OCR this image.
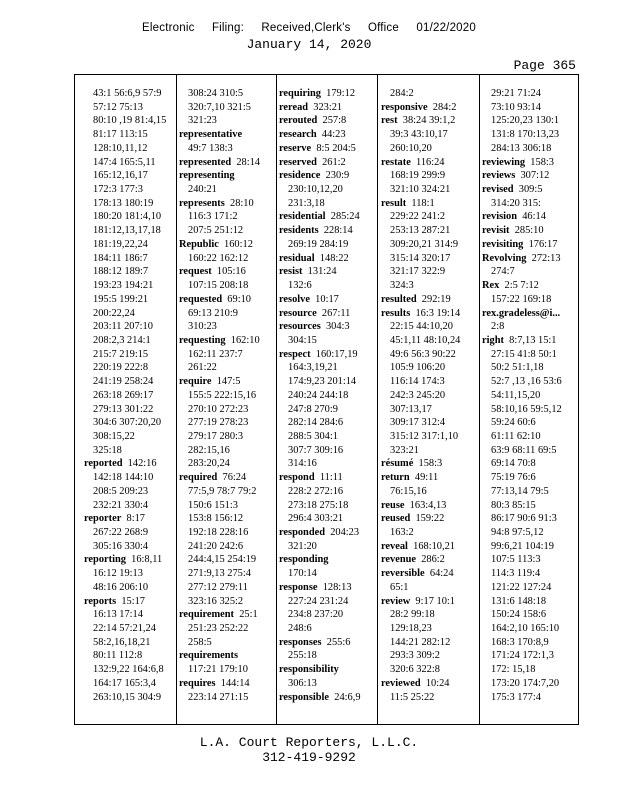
Electronic Filing: Received,Clerk's Office 01/22/2020
January 14, 2020
Page 365
43:1 56:6,9 57:9
57:12 75:13
80:10 ,19 81:4,15
81:17 113:15
128:10,11,12
147:4 165:5,11
165:12,16,17
172:3 177:3
178:13 180:19
180:20 181:4,10
181:12,13,17,18
181:19,22,24
184:11 186:7
188:12 189:7
193:23 194:21
195:5 199:21
200:22,24
203:11 207:10
208:2,3 214:1
215:7 219:15
220:19 222:8
241:19 258:24
263:18 269:17
279:13 301:22
304:6 307:20,20
308:15,22
325:18
reported  142:16
142:18 144:10
208:5 209:23
232:21 330:4
reporter  8:17
267:22 268:9
305:16 330:4
reporting  16:8,11
16:12 19:13
48:16 206:10
reports  15:17
16:13 17:14
22:14 57:21,24
58:2,16,18,21
80:11 112:8
132:9,22 164:6,8
164:17 165:3,4
263:10,15 304:9
308:24 310:5
320:7,10 321:5
321:23
representative
49:7 138:3
represented  28:14
representing
240:21
represents  28:10
116:3 171:2
207:5 251:12
Republic  160:12
160:22 162:12
request  105:16
107:15 208:18
requested  69:10
69:13 210:9
310:23
requesting  162:10
162:11 237:7
261:22
require  147:5
155:5 222:15,16
270:10 272:23
277:19 278:23
279:17 280:3
282:15,16
283:20,24
required  76:24
77:5,9 78:7 79:2
150:6 151:3
153:8 156:12
192:18 228:16
241:20 242:6
244:4,15 254:19
271:9,13 275:4
277:12 279:11
323:16 325:2
requirement  25:1
251:23 252:22
258:5
requirements
117:21 179:10
requires  144:14
223:14 271:15
requiring  179:12
reread  323:21
rerouted  257:8
research  44:23
reserve  8:5 204:5
reserved  261:2
residence  230:9
230:10,12,20
231:3,18
residential  285:24
residents  228:14
269:19 284:19
residual  148:22
resist  131:24
132:6
resolve  10:17
resource  267:11
resources  304:3
304:15
respect  160:17,19
164:3,19,21
174:9,23 201:14
240:24 244:18
247:8 270:9
282:14 284:6
288:5 304:1
307:7 309:16
314:16
respond  11:11
228:2 272:16
273:18 275:18
296:4 303:21
responded  204:23
321:20
responding
170:14
response  128:13
227:24 231:24
234:8 237:20
248:6
responses  255:6
255:18
responsibility
306:13
responsible  24:6,9
284:2
responsive  284:2
rest  38:24 39:1,2
39:3 43:10,17
260:10,20
restate  116:24
168:19 299:9
321:10 324:21
result  118:1
229:22 241:2
253:13 287:21
309:20,21 314:9
315:14 320:17
321:17 322:9
324:3
resulted  292:19
results  16:3 19:14
22:15 44:10,20
45:1,11 48:10,24
49:6 56:3 90:22
105:9 106:20
116:14 174:3
242:3 245:20
307:13,17
309:17 312:4
315:12 317:1,10
323:21
résumé  158:3
return  49:11
76:15,16
reuse  163:4,13
reused  159:22
163:2
reveal  168:10,21
revenue  286:2
reversible  64:24
65:1
review  9:17 10:1
28:2 99:18
129:18,23
144:21 282:12
293:3 309:2
320:6 322:8
reviewed  10:24
11:5 25:22
29:21 71:24
73:10 93:14
125:20,23 130:1
131:8 170:13,23
284:13 306:18
reviewing  158:3
reviews  307:12
revised  309:5
314:20 315:
revision  46:14
revisit  285:10
revisiting  176:17
Revolving  272:13
274:7
Rex  2:5 7:12
157:22 169:18
rex.gradeless@i...
2:8
right  8:7,13 15:1
27:15 41:8 50:1
50:2 51:1,18
52:7 ,13 ,16 53:6
54:11,15,20
58:10,16 59:5,12
59:24 60:6
61:11 62:10
63:9 68:11 69:5
69:14 70:8
75:19 76:6
77:13,14 79:5
80:3 85:15
86:17 90:6 91:3
94:8 97:5,12
99:6,21 104:19
107:5 113:3
114:3 119:4
121:22 127:24
131:6 148:18
150:24 158:6
164:2,10 165:10
168:3 170:8,9
171:24 172:1,3
172: 15,18
173:20 174:7,20
175:3 177:4
L.A. Court Reporters, L.L.C.
312-419-9292
